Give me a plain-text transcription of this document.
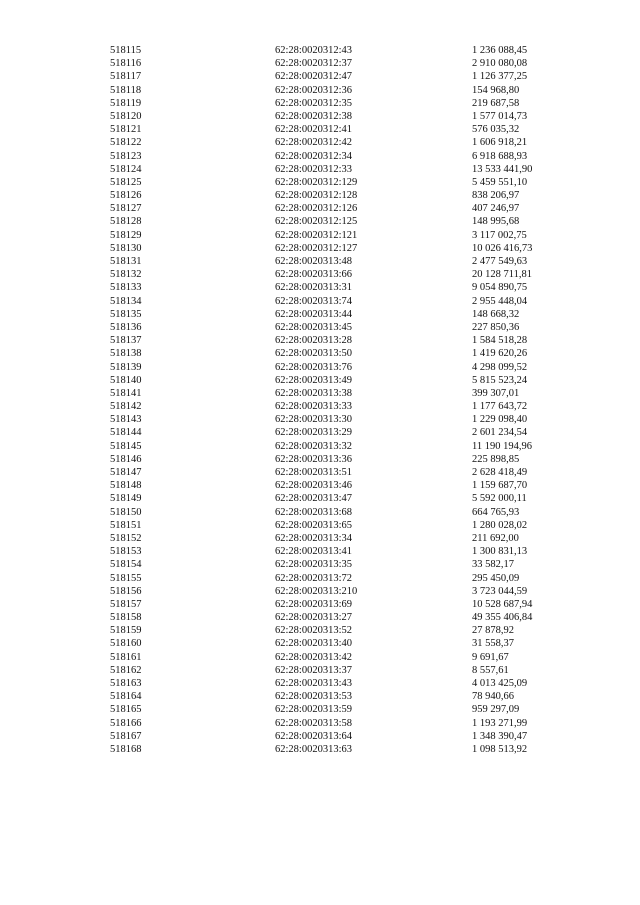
518115	62:28:0020312:43	1 236 088,45
518116	62:28:0020312:37	2 910 080,08
518117	62:28:0020312:47	1 126 377,25
518118	62:28:0020312:36	154 968,80
518119	62:28:0020312:35	219 687,58
518120	62:28:0020312:38	1 577 014,73
518121	62:28:0020312:41	576 035,32
518122	62:28:0020312:42	1 606 918,21
518123	62:28:0020312:34	6 918 688,93
518124	62:28:0020312:33	13 533 441,90
518125	62:28:0020312:129	5 459 551,10
518126	62:28:0020312:128	838 206,97
518127	62:28:0020312:126	407 246,97
518128	62:28:0020312:125	148 995,68
518129	62:28:0020312:121	3 117 002,75
518130	62:28:0020312:127	10 026 416,73
518131	62:28:0020313:48	2 477 549,63
518132	62:28:0020313:66	20 128 711,81
518133	62:28:0020313:31	9 054 890,75
518134	62:28:0020313:74	2 955 448,04
518135	62:28:0020313:44	148 668,32
518136	62:28:0020313:45	227 850,36
518137	62:28:0020313:28	1 584 518,28
518138	62:28:0020313:50	1 419 620,26
518139	62:28:0020313:76	4 298 099,52
518140	62:28:0020313:49	5 815 523,24
518141	62:28:0020313:38	399 307,01
518142	62:28:0020313:33	1 177 643,72
518143	62:28:0020313:30	1 229 098,40
518144	62:28:0020313:29	2 601 234,54
518145	62:28:0020313:32	11 190 194,96
518146	62:28:0020313:36	225 898,85
518147	62:28:0020313:51	2 628 418,49
518148	62:28:0020313:46	1 159 687,70
518149	62:28:0020313:47	5 592 000,11
518150	62:28:0020313:68	664 765,93
518151	62:28:0020313:65	1 280 028,02
518152	62:28:0020313:34	211 692,00
518153	62:28:0020313:41	1 300 831,13
518154	62:28:0020313:35	33 582,17
518155	62:28:0020313:72	295 450,09
518156	62:28:0020313:210	3 723 044,59
518157	62:28:0020313:69	10 528 687,94
518158	62:28:0020313:27	49 355 406,84
518159	62:28:0020313:52	27 878,92
518160	62:28:0020313:40	31 558,37
518161	62:28:0020313:42	9 691,67
518162	62:28:0020313:37	8 557,61
518163	62:28:0020313:43	4 013 425,09
518164	62:28:0020313:53	78 940,66
518165	62:28:0020313:59	959 297,09
518166	62:28:0020313:58	1 193 271,99
518167	62:28:0020313:64	1 348 390,47
518168	62:28:0020313:63	1 098 513,92
